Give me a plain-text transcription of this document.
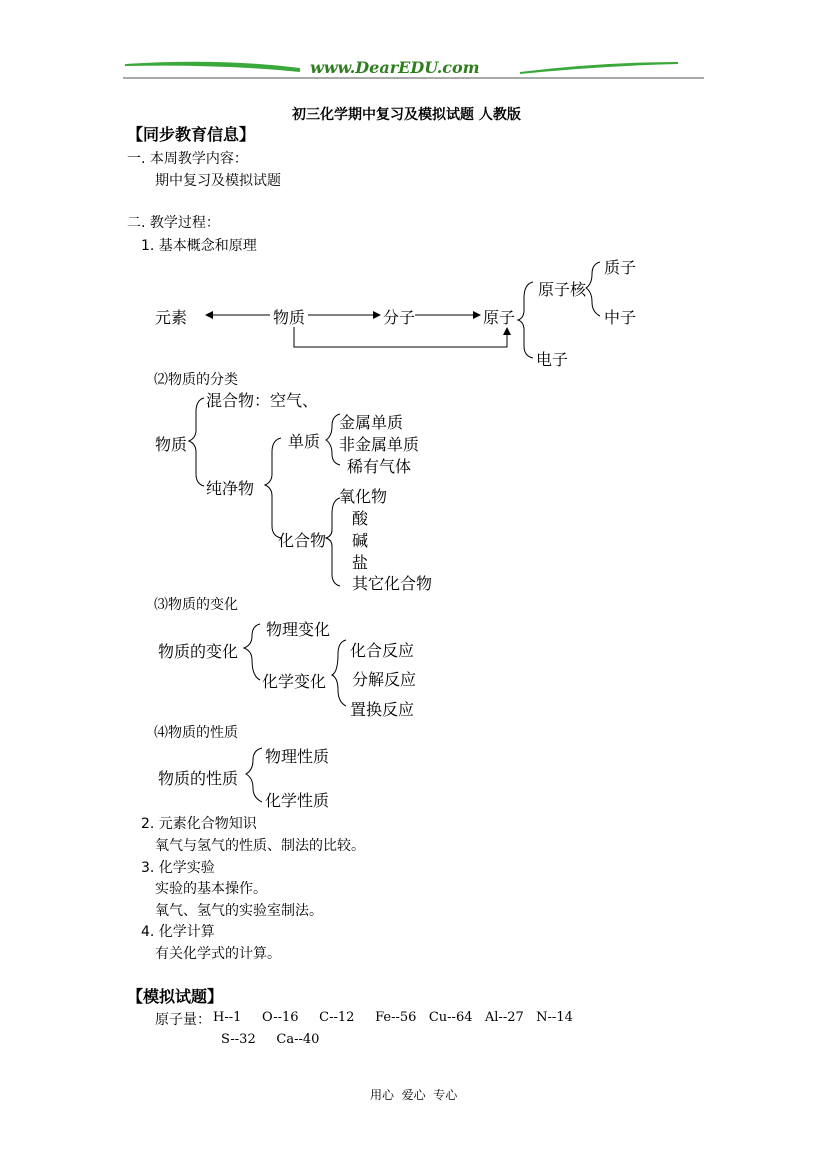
www.DearEDU.com
初三化学期中复习及模拟试题 人教版
【同步教育信息】
一. 本周教学内容：
期中复习及模拟试题
二. 教学过程：
1. 基本概念和原理
元素	物质	分子	原子
原子核
质子
中子
电子
⑵物质的分类
物质
混合物：空气、
纯净物
单质
金属单质
非金属单质
稀有气体
化合物
氧化物
酸
碱
盐
其它化合物
⑶物质的变化
物质的变化
物理变化
化学变化
化合反应
分解反应
置换反应
⑷物质的性质
物质的性质
物理性质
化学性质
2. 元素化合物知识
氧气与氢气的性质、制法的比较。
3. 化学实验
实验的基本操作。
氧气、氢气的实验室制法。
4. 化学计算
有关化学式的计算。
【模拟试题】
原子量： H--1     O--16     C--12     Fe--56   Cu--64   Al--27   N--14
S--32     Ca--40
用心  爱心  专心
